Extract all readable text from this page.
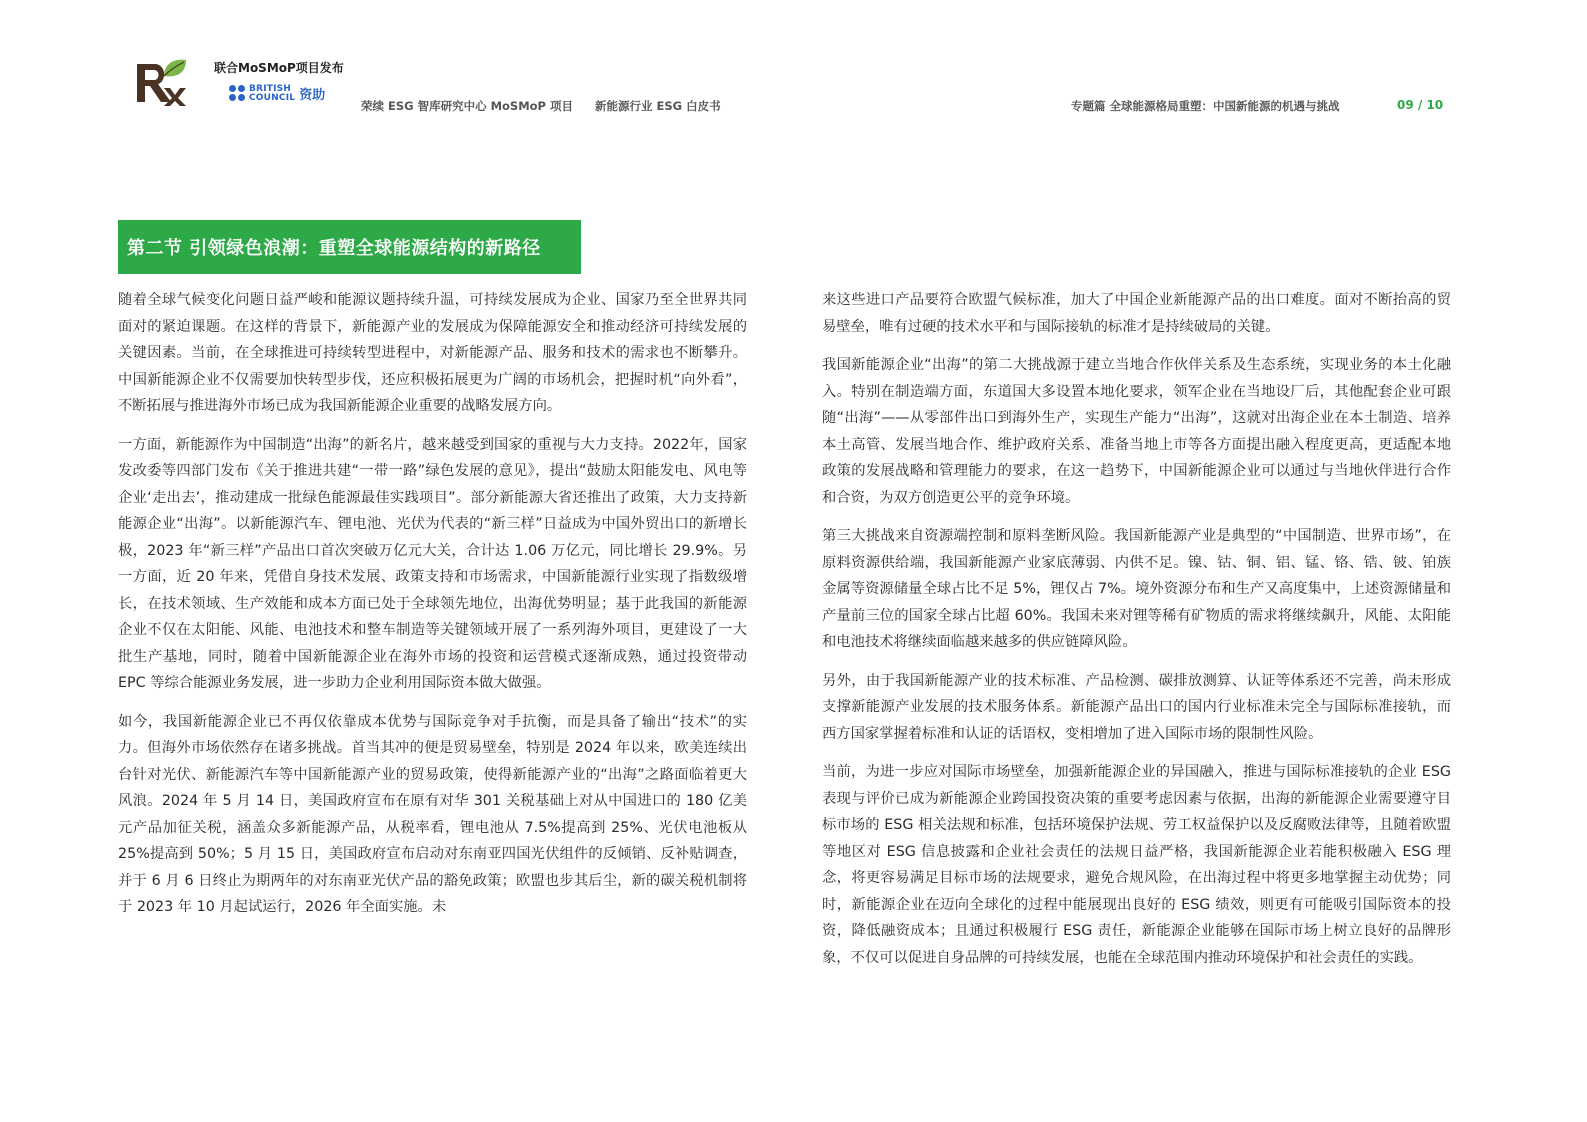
联合MoSMoP项目发布
BRITISH
COUNCIL 资助
荣续 ESG 智库研究中心 MoSMoP 项目 新能源行业 ESG 白皮书	专题篇 全球能源格局重塑：中国新能源的机遇与挑战	09 / 10
第二节 引领绿色浪潮：重塑全球能源结构的新路径

随着全球气候变化问题日益严峻和能源议题持续升温，可持续发展成为企业、国家乃至全世界共同面对的紧迫课题。在这样的背景下，新能源产业的发展成为保障能源安全和推动经济可持续发展的关键因素。当前，在全球推进可持续转型进程中，对新能源产品、服务和技术的需求也不断攀升。中国新能源企业不仅需要加快转型步伐，还应积极拓展更为广阔的市场机会，把握时机“向外看”，不断拓展与推进海外市场已成为我国新能源企业重要的战略发展方向。

一方面，新能源作为中国制造“出海”的新名片，越来越受到国家的重视与大力支持。2022年，国家发改委等四部门发布《关于推进共建“一带一路”绿色发展的意见》，提出“鼓励太阳能发电、风电等企业‘走出去’，推动建成一批绿色能源最佳实践项目”。部分新能源大省还推出了政策，大力支持新能源企业“出海”。以新能源汽车、锂电池、光伏为代表的“新三样”日益成为中国外贸出口的新增长极，2023 年“新三样”产品出口首次突破万亿元大关，合计达 1.06 万亿元，同比增长 29.9%。另一方面，近 20 年来，凭借自身技术发展、政策支持和市场需求，中国新能源行业实现了指数级增长，在技术领域、生产效能和成本方面已处于全球领先地位，出海优势明显；基于此我国的新能源企业不仅在太阳能、风能、电池技术和整车制造等关键领域开展了一系列海外项目，更建设了一大批生产基地，同时，随着中国新能源企业在海外市场的投资和运营模式逐渐成熟，通过投资带动 EPC 等综合能源业务发展，进一步助力企业利用国际资本做大做强。

如今，我国新能源企业已不再仅依靠成本优势与国际竞争对手抗衡，而是具备了输出“技术”的实力。但海外市场依然存在诸多挑战。首当其冲的便是贸易壁垒，特别是 2024 年以来，欧美连续出台针对光伏、新能源汽车等中国新能源产业的贸易政策，使得新能源产业的“出海”之路面临着更大风浪。2024 年 5 月 14 日，美国政府宣布在原有对华 301 关税基础上对从中国进口的 180 亿美元产品加征关税，涵盖众多新能源产品，从税率看，锂电池从 7.5%提高到 25%、光伏电池板从 25%提高到 50%；5 月 15 日，美国政府宣布启动对东南亚四国光伏组件的反倾销、反补贴调查，并于 6 月 6 日终止为期两年的对东南亚光伏产品的豁免政策；欧盟也步其后尘，新的碳关税机制将于 2023 年 10 月起试运行，2026 年全面实施。未

来这些进口产品要符合欧盟气候标准，加大了中国企业新能源产品的出口难度。面对不断抬高的贸易壁垒，唯有过硬的技术水平和与国际接轨的标准才是持续破局的关键。

我国新能源企业“出海”的第二大挑战源于建立当地合作伙伴关系及生态系统，实现业务的本土化融入。特别在制造端方面，东道国大多设置本地化要求，领军企业在当地设厂后，其他配套企业可跟随“出海”——从零部件出口到海外生产，实现生产能力“出海”，这就对出海企业在本土制造、培养本土高管、发展当地合作、维护政府关系、准备当地上市等各方面提出融入程度更高，更适配本地政策的发展战略和管理能力的要求，在这一趋势下，中国新能源企业可以通过与当地伙伴进行合作和合资，为双方创造更公平的竞争环境。

第三大挑战来自资源端控制和原料垄断风险。我国新能源产业是典型的“中国制造、世界市场”，在原料资源供给端，我国新能源产业家底薄弱、内供不足。镍、钴、铜、铝、锰、铬、锆、铍、铂族金属等资源储量全球占比不足 5%，锂仅占 7%。境外资源分布和生产又高度集中，上述资源储量和产量前三位的国家全球占比超 60%。我国未来对锂等稀有矿物质的需求将继续飙升，风能、太阳能和电池技术将继续面临越来越多的供应链障风险。

另外，由于我国新能源产业的技术标准、产品检测、碳排放测算、认证等体系还不完善，尚未形成支撑新能源产业发展的技术服务体系。新能源产品出口的国内行业标准未完全与国际标准接轨，而西方国家掌握着标准和认证的话语权，变相增加了进入国际市场的限制性风险。

当前，为进一步应对国际市场壁垒，加强新能源企业的异国融入，推进与国际标准接轨的企业 ESG 表现与评价已成为新能源企业跨国投资决策的重要考虑因素与依据，出海的新能源企业需要遵守目标市场的 ESG 相关法规和标准，包括环境保护法规、劳工权益保护以及反腐败法律等，且随着欧盟等地区对 ESG 信息披露和企业社会责任的法规日益严格，我国新能源企业若能积极融入 ESG 理念，将更容易满足目标市场的法规要求，避免合规风险，在出海过程中将更多地掌握主动优势；同时，新能源企业在迈向全球化的过程中能展现出良好的 ESG 绩效，则更有可能吸引国际资本的投资，降低融资成本；且通过积极履行 ESG 责任，新能源企业能够在国际市场上树立良好的品牌形象，不仅可以促进自身品牌的可持续发展，也能在全球范围内推动环境保护和社会责任的实践。
